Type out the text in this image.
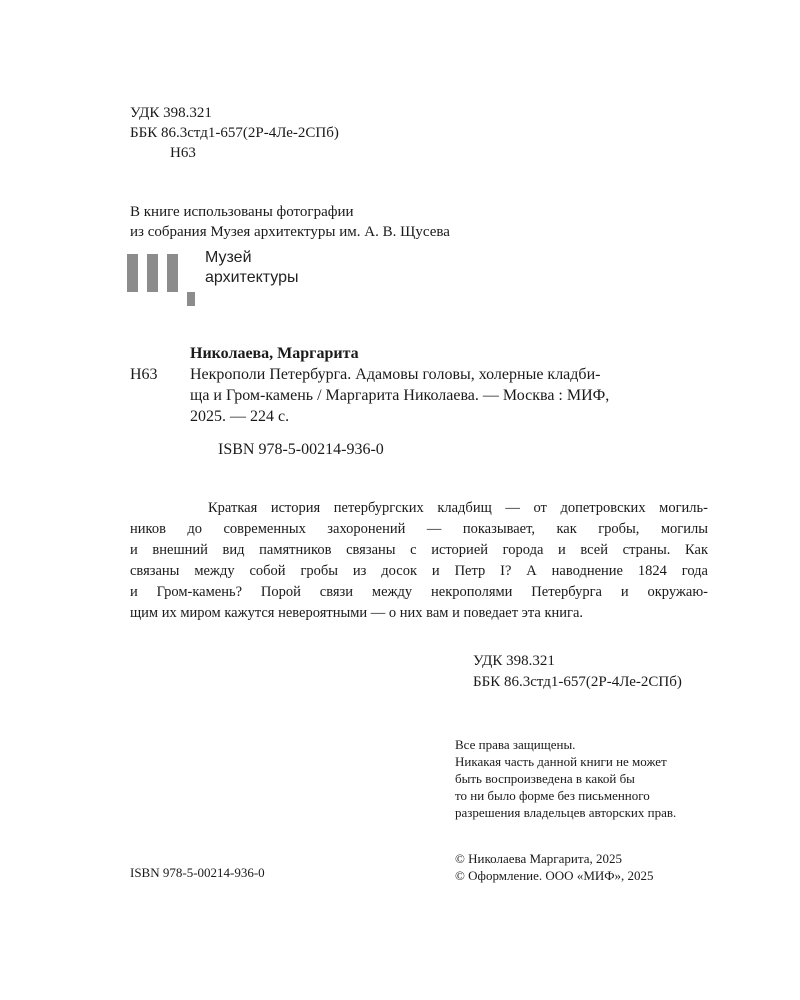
УДК 398.321
ББК 86.3стд1-657(2Р-4Ле-2СПб)
Н63
В книге использованы фотографии
из собрания Музея архитектуры им. А. В. Щусева
Музей
архитектуры
Николаева, Маргарита
Н63 Некрополи Петербурга. Адамовы головы, холерные кладби-
ща и Гром-камень / Маргарита Николаева. — Москва : МИФ,
2025. — 224 с.
ISBN 978-5-00214-936-0
Краткая история петербургских кладбищ — от допетровских могиль-
ников до современных захоронений — показывает, как гробы, могилы
и внешний вид памятников связаны с историей города и всей страны. Как
связаны между собой гробы из досок и Петр I? А наводнение 1824 года
и Гром-камень? Порой связи между некрополями Петербурга и окружаю-
щим их миром кажутся невероятными — о них вам и поведает эта книга.
УДК 398.321
ББК 86.3стд1-657(2Р-4Ле-2СПб)
Все права защищены.
Никакая часть данной книги не может
быть воспроизведена в какой бы
то ни было форме без письменного
разрешения владельцев авторских прав.
ISBN 978-5-00214-936-0
© Николаева Маргарита, 2025
© Оформление. ООО «МИФ», 2025
